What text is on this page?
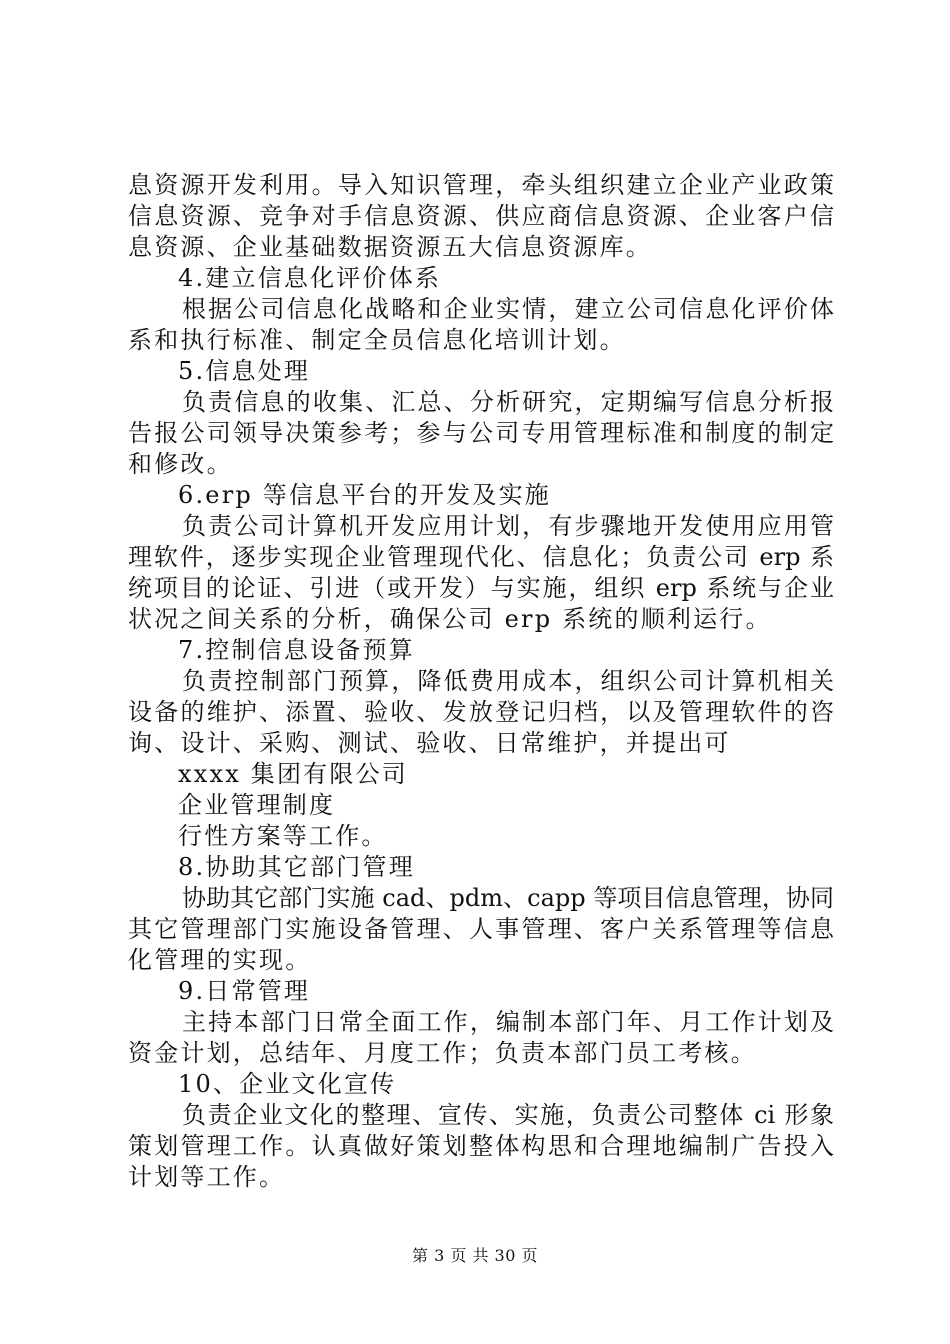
息资源开发利用。导入知识管理，牵头组织建立企业产业政策
信息资源、竞争对手信息资源、供应商信息资源、企业客户信
息资源、企业基础数据资源五大信息资源库。
4.建立信息化评价体系
根据公司信息化战略和企业实情，建立公司信息化评价体
系和执行标准、制定全员信息化培训计划。
5.信息处理
负责信息的收集、汇总、分析研究，定期编写信息分析报
告报公司领导决策参考；参与公司专用管理标准和制度的制定
和修改。
6.erp 等信息平台的开发及实施
负责公司计算机开发应用计划，有步骤地开发使用应用管
理软件，逐步实现企业管理现代化、信息化；负责公司 erp 系
统项目的论证、引进（或开发）与实施，组织 erp 系统与企业
状况之间关系的分析，确保公司 erp 系统的顺利运行。
7.控制信息设备预算
负责控制部门预算，降低费用成本，组织公司计算机相关
设备的维护、添置、验收、发放登记归档，以及管理软件的咨
询、设计、采购、测试、验收、日常维护，并提出可
xxxx 集团有限公司
企业管理制度
行性方案等工作。
8.协助其它部门管理
协助其它部门实施 cad、pdm、capp 等项目信息管理，协同
其它管理部门实施设备管理、人事管理、客户关系管理等信息
化管理的实现。
9.日常管理
主持本部门日常全面工作，编制本部门年、月工作计划及
资金计划，总结年、月度工作；负责本部门员工考核。
10、企业文化宣传
负责企业文化的整理、宣传、实施，负责公司整体 ci 形象
策划管理工作。认真做好策划整体构思和合理地编制广告投入
计划等工作。
第 3 页 共 30 页
